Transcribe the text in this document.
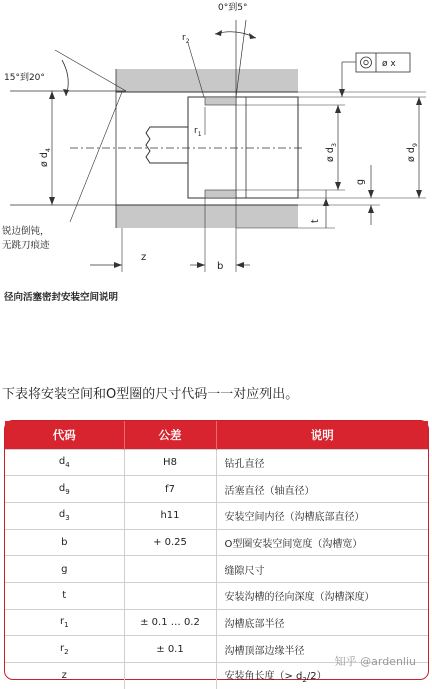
0°到5°
15°到20°
$r_2$
$r_1$
ø $d_4$	ø $d_3$
ø $d_9$
g
t
z
b
ø x
锐边倒钝，
无跳刀痕迹
径向活塞密封安装空间说明
下表将安装空间和O型圈的尺寸代码一一对应列出。
代码	公差	说明
$d_4$	H8	钻孔直径
$d_9$	f7	活塞直径（轴直径）
$d_3$	h11	安装空间内径（沟槽底部直径）
b	+ 0.25	O型圈安装空间宽度（沟槽宽）
g		缝隙尺寸
t		安装沟槽的径向深度（沟槽深度）
$r_1$	± 0.1 … 0.2	沟槽底部半径
$r_2$	± 0.1	沟槽顶部边缘半径
z		安装角长度（> $d_2/2$）
知乎 @ardenliu
